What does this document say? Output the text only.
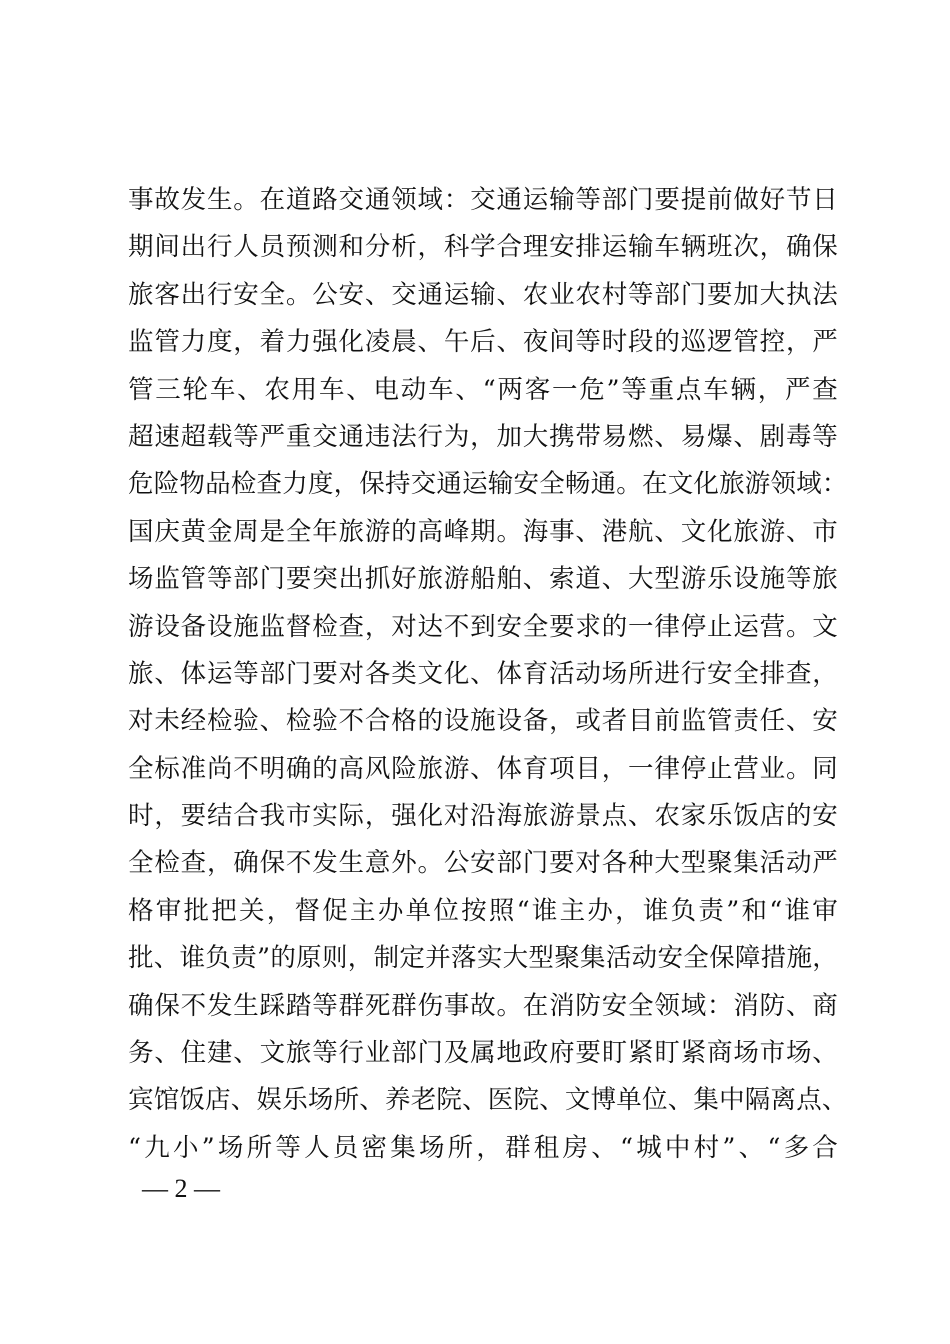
事故发生。在道路交通领域：交通运输等部门要提前做好节日
期间出行人员预测和分析，科学合理安排运输车辆班次，确保
旅客出行安全。公安、交通运输、农业农村等部门要加大执法
监管力度，着力强化凌晨、午后、夜间等时段的巡逻管控，严
管三轮车、农用车、电动车、“两客一危”等重点车辆，严查
超速超载等严重交通违法行为，加大携带易燃、易爆、剧毒等
危险物品检查力度，保持交通运输安全畅通。在文化旅游领域：
国庆黄金周是全年旅游的高峰期。海事、港航、文化旅游、市
场监管等部门要突出抓好旅游船舶、索道、大型游乐设施等旅
游设备设施监督检查，对达不到安全要求的一律停止运营。文
旅、体运等部门要对各类文化、体育活动场所进行安全排查，
对未经检验、检验不合格的设施设备，或者目前监管责任、安
全标准尚不明确的高风险旅游、体育项目，一律停止营业。同
时，要结合我市实际，强化对沿海旅游景点、农家乐饭店的安
全检查，确保不发生意外。公安部门要对各种大型聚集活动严
格审批把关，督促主办单位按照“谁主办，谁负责”和“谁审
批、谁负责”的原则，制定并落实大型聚集活动安全保障措施，
确保不发生踩踏等群死群伤事故。在消防安全领域：消防、商
务、住建、文旅等行业部门及属地政府要盯紧盯紧商场市场、
宾馆饭店、娱乐场所、养老院、医院、文博单位、集中隔离点、
“九小”场所等人员密集场所，群租房、“城中村”、“多合
— 2 —
